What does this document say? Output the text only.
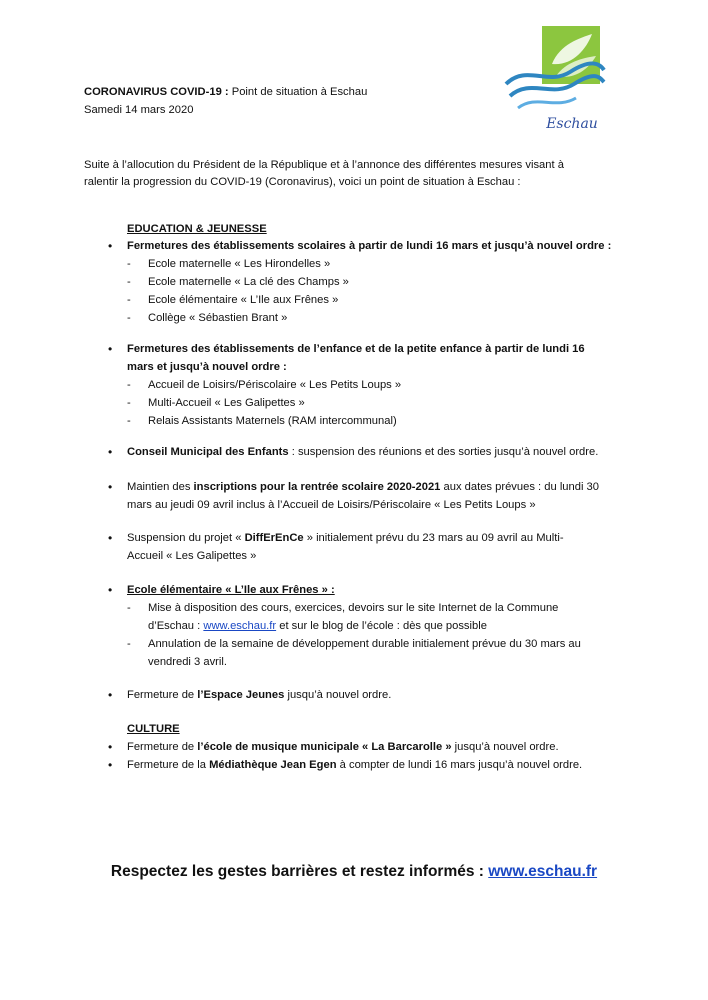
Eschau
CORONAVIRUS COVID-19 : Point de situation à Eschau
Samedi 14 mars 2020
Suite à l’allocution du Président de la République et à l’annonce des différentes mesures visant à
ralentir la progression du COVID-19 (Coronavirus), voici un point de situation à Eschau :
EDUCATION & JEUNESSE
• Fermetures des établissements scolaires à partir de lundi 16 mars et jusqu’à nouvel ordre :
- Ecole maternelle « Les Hirondelles »
- Ecole maternelle « La clé des Champs »
- Ecole élémentaire « L’Ile aux Frênes »
- Collège « Sébastien Brant »
• Fermetures des établissements de l’enfance et de la petite enfance à partir de lundi 16
mars et jusqu’à nouvel ordre :
- Accueil de Loisirs/Périscolaire « Les Petits Loups »
- Multi-Accueil « Les Galipettes »
- Relais Assistants Maternels (RAM intercommunal)
• Conseil Municipal des Enfants : suspension des réunions et des sorties jusqu’à nouvel ordre.
• Maintien des inscriptions pour la rentrée scolaire 2020-2021 aux dates prévues : du lundi 30
mars au jeudi 09 avril inclus à l’Accueil de Loisirs/Périscolaire « Les Petits Loups »
• Suspension du projet « DiffErEnCe » initialement prévu du 23 mars au 09 avril au Multi-
Accueil « Les Galipettes »
• Ecole élémentaire « L’Ile aux Frênes » :
- Mise à disposition des cours, exercices, devoirs sur le site Internet de la Commune
d’Eschau : www.eschau.fr et sur le blog de l’école : dès que possible
- Annulation de la semaine de développement durable initialement prévue du 30 mars au
vendredi 3 avril.
• Fermeture de l’Espace Jeunes jusqu’à nouvel ordre.
CULTURE
• Fermeture de l’école de musique municipale « La Barcarolle » jusqu’à nouvel ordre.
• Fermeture de la Médiathèque Jean Egen à compter de lundi 16 mars jusqu’à nouvel ordre.
Respectez les gestes barrières et restez informés : www.eschau.fr
